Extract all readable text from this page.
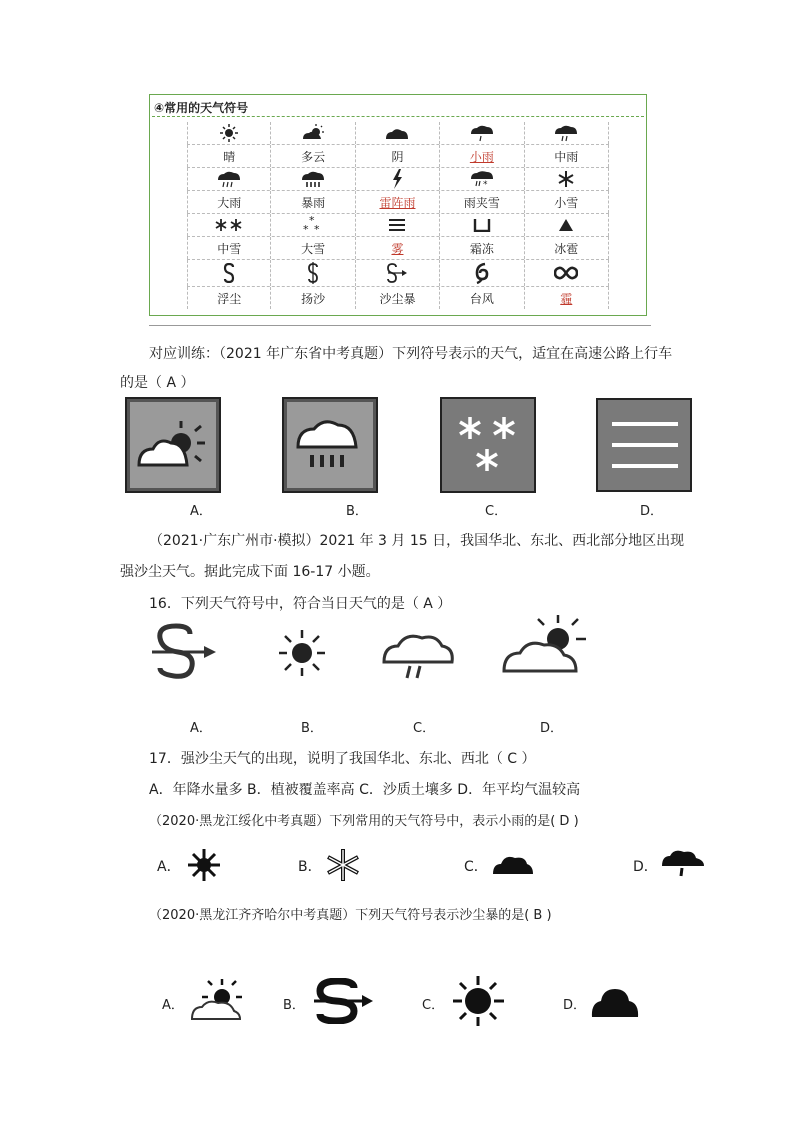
④常用的天气符号
晴	多云	阴	小雨	中雨
*
大雨	暴雨	雷阵雨	雨夹雪	小雪
*
* *
中雪	大雪	雾	霜冻	冰雹
浮尘	扬沙	沙尘暴	台风	霾
对应训练：（2021 年广东省中考真题）下列符号表示的天气，适宜在高速公路上行车
的是（ A ）
A．	B．	C．	D．
（2021·广东广州市·模拟）2021 年 3 月 15 日，我国华北、东北、西北部分地区出现
强沙尘天气。据此完成下面 16-17 小题。
16．下列天气符号中，符合当日天气的是（ A ）
A．	B．	C．	D．
17．强沙尘天气的出现，说明了我国华北、东北、西北（ C ）
A．年降水量多 B．植被覆盖率高 C．沙质土壤多 D．年平均气温较高
（2020·黑龙江绥化中考真题）下列常用的天气符号中，表示小雨的是( D )
A．	B．	C．	D．
（2020·黑龙江齐齐哈尔中考真题）下列天气符号表示沙尘暴的是( B )
A．	B．	C．	D．
